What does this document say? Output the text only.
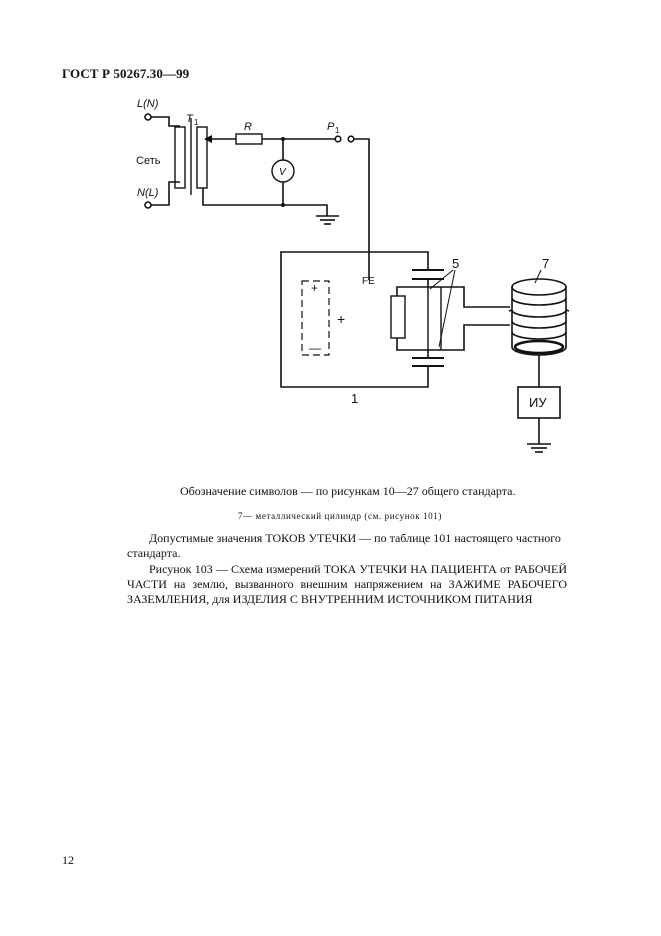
ГОСТ Р 50267.30—99
L(N)
N(L)
Сеть
T 1	R
V
P 1
FE
+
—
+
1
5	7
ИУ
Обозначение символов — по рисункам 10—27 общего стандарта.
7— металлический цилиндр (см. рисунок 101)
Допустимые значения ТОКОВ УТЕЧКИ — по таблице 101 настоящего частного стандарта.
Рисунок 103 — Схема измерений ТОКА УТЕЧКИ НА ПАЦИЕНТА от РАБОЧЕЙ ЧАСТИ на землю, вызванного внешним напряжением на ЗАЖИМЕ РАБОЧЕГО ЗАЗЕМЛЕНИЯ, для ИЗДЕЛИЯ С ВНУТРЕННИМ ИСТОЧНИКОМ ПИТАНИЯ
12
